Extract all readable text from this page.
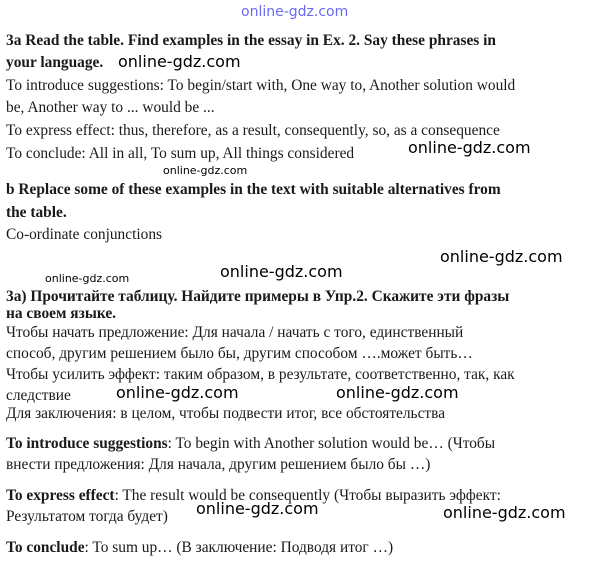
3a Read the table. Find examples in the essay in Ex. 2. Say these phrases in
your language.
To introduce suggestions: To begin/start with, One way to, Another solution would
be, Another way to ... would be ...
To express effect: thus, therefore, as a result, consequently, so, as a consequence
To conclude: All in all, To sum up, All things considered
b Replace some of these examples in the text with suitable alternatives from
the table.
Co-ordinate conjunctions
3а) Прочитайте таблицу. Найдите примеры в Упр.2. Скажите эти фразы
на своем языке.
Чтобы начать предложение: Для начала / начать с того, единственный
способ, другим решением было бы, другим способом ….может быть…
Чтобы усилить эффект: таким образом, в результате, соответственно, так, как
следствие
Для заключения: в целом, чтобы подвести итог, все обстоятельства
To introduce suggestions: To begin with Another solution would be… (Чтобы
внести предложения: Для начала, другим решением было бы …)
To express effect: The result would be consequently (Чтобы выразить эффект:
Результатом тогда будет)
To conclude: To sum up… (В заключение: Подводя итог …)
online-gdz.com
online-gdz.com
online-gdz.com
online-gdz.com
online-gdz.com
online-gdz.com
online-gdz.com
online-gdz.com	online-gdz.com
online-gdz.com	online-gdz.com
